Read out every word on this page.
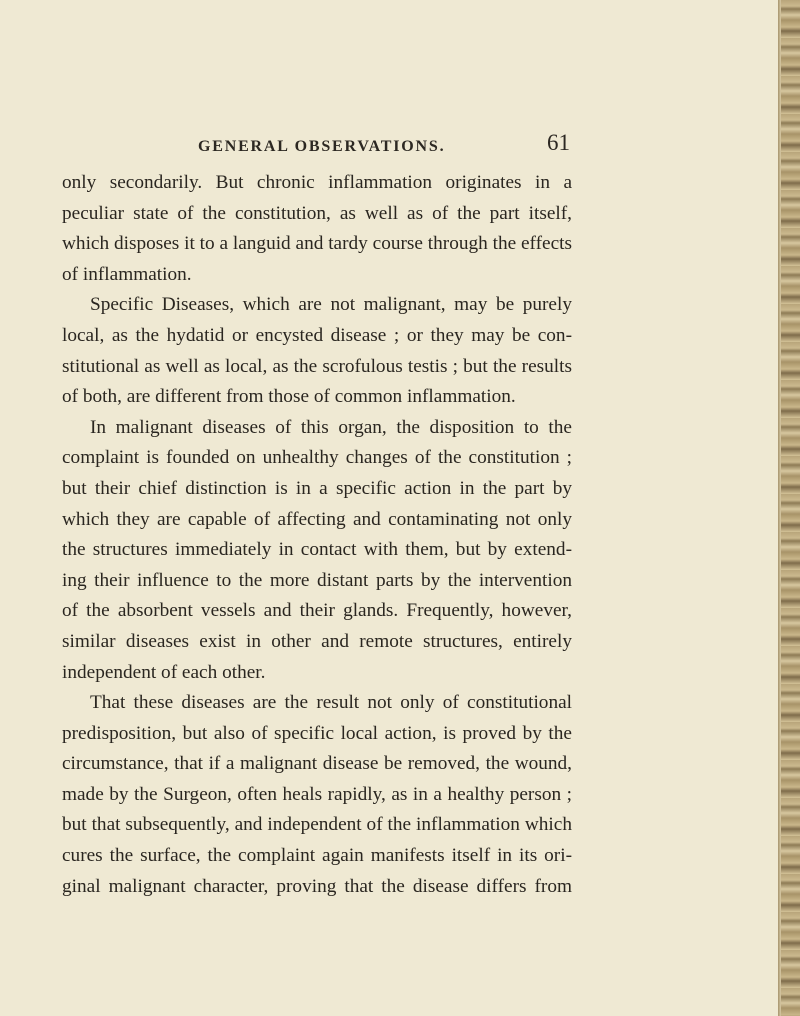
GENERAL OBSERVATIONS.	61
only secondarily. But chronic inflammation originates in a
peculiar state of the constitution, as well as of the part itself,
which disposes it to a languid and tardy course through the effects
of inflammation.
Specific Diseases, which are not malignant, may be purely
local, as the hydatid or encysted disease ; or they may be con-
stitutional as well as local, as the scrofulous testis ; but the results
of both, are different from those of common inflammation.
In malignant diseases of this organ, the disposition to the
complaint is founded on unhealthy changes of the constitution ;
but their chief distinction is in a specific action in the part by
which they are capable of affecting and contaminating not only
the structures immediately in contact with them, but by extend-
ing their influence to the more distant parts by the intervention
of the absorbent vessels and their glands. Frequently, however,
similar diseases exist in other and remote structures, entirely
independent of each other.
That these diseases are the result not only of constitutional
predisposition, but also of specific local action, is proved by the
circumstance, that if a malignant disease be removed, the wound,
made by the Surgeon, often heals rapidly, as in a healthy person ;
but that subsequently, and independent of the inflammation which
cures the surface, the complaint again manifests itself in its ori-
ginal malignant character, proving that the disease differs from
